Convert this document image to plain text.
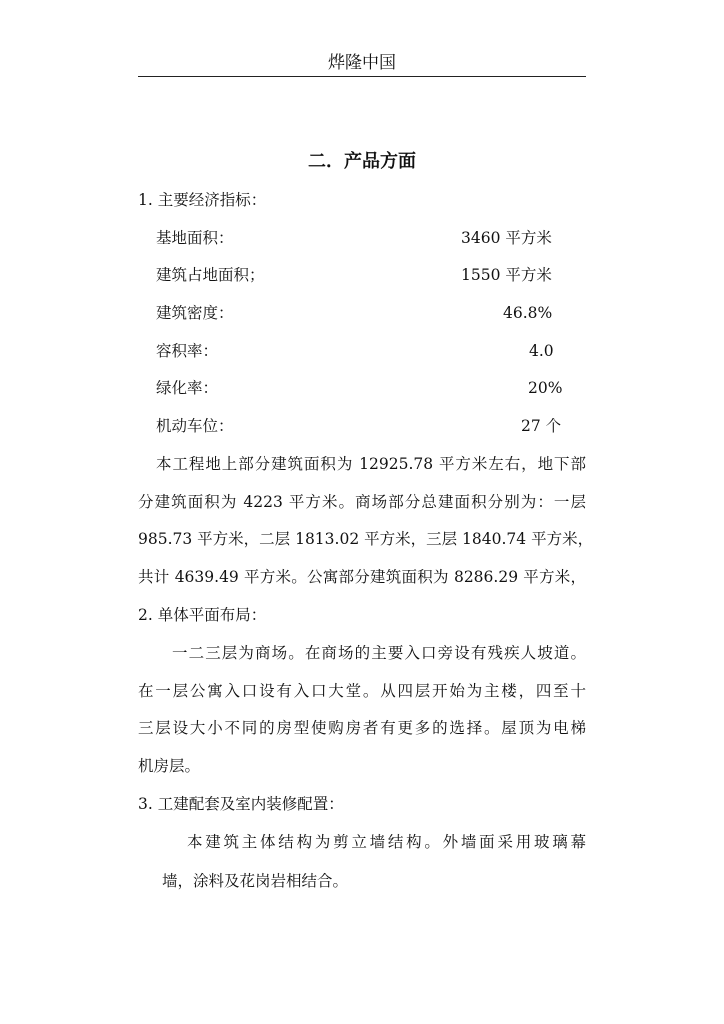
烨隆中国
二．产品方面
1. 主要经济指标：
基地面积：	3460 平方米
建筑占地面积；	1550 平方米
建筑密度：	46.8%
容积率：	4.0
绿化率：	20%
机动车位：	27 个
本工程地上部分建筑面积为 12925.78 平方米左右，地下部
分建筑面积为 4223 平方米。商场部分总建面积分别为：一层
985.73 平方米，二层 1813.02 平方米，三层 1840.74 平方米，
共计 4639.49 平方米。公寓部分建筑面积为 8286.29 平方米，
2. 单体平面布局：
一二三层为商场。在商场的主要入口旁设有残疾人坡道。
在一层公寓入口设有入口大堂。从四层开始为主楼，四至十
三层设大小不同的房型使购房者有更多的选择。屋顶为电梯
机房层。
3. 工建配套及室内装修配置：
本建筑主体结构为剪立墙结构。外墙面采用玻璃幕
墙，涂料及花岗岩相结合。
